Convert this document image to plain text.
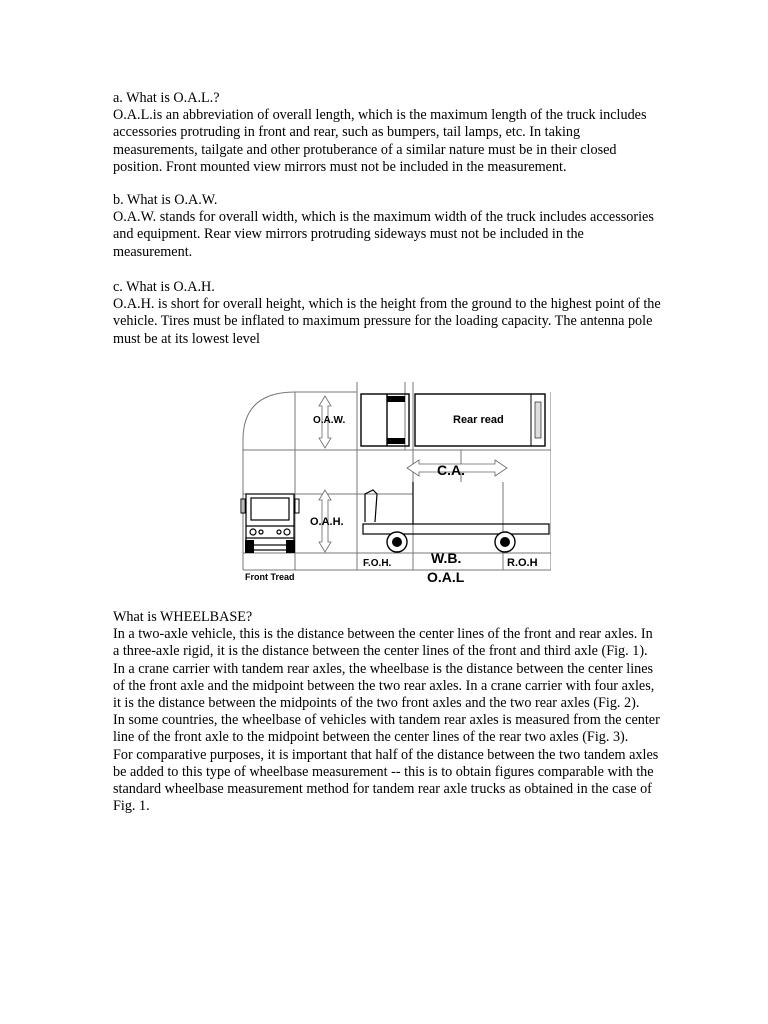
a. What is O.A.L.?

O.A.L.is an abbreviation of overall length, which is the maximum length of the truck includes accessories protruding in front and rear, such as bumpers, tail lamps, etc. In taking measurements, tailgate and other protuberance of a similar nature must be in their closed position. Front mounted view mirrors must not be included in the measurement.

b. What is O.A.W.

O.A.W. stands for overall width, which is the maximum width of the truck includes accessories and equipment. Rear view mirrors protruding sideways must not be included in the measurement.

c. What is O.A.H.

O.A.H. is short for overall height, which is the height from the ground to the highest point of the vehicle. Tires must be inflated to maximum pressure for the loading capacity. The antenna pole must be at its lowest level

O.A.W.	Rear read
C.A.
O.A.H.
F.O.H.	W.B.	R.O.H
O.A.L
Front Tread

What is WHEELBASE?

In a two-axle vehicle, this is the distance between the center lines of the front and rear axles. In a three-axle rigid, it is the distance between the center lines of the front and third axle (Fig. 1).

In a crane carrier with tandem rear axles, the wheelbase is the distance between the center lines of the front axle and the midpoint between the two rear axles. In a crane carrier with four axles, it is the distance between the midpoints of the two front axles and the two rear axles (Fig. 2).

In some countries, the wheelbase of vehicles with tandem rear axles is measured from the center line of the front axle to the midpoint between the center lines of the rear two axles (Fig. 3).

For comparative purposes, it is important that half of the distance between the two tandem axles be added to this type of wheelbase measurement -- this is to obtain figures comparable with the standard wheelbase measurement method for tandem rear axle trucks as obtained in the case of Fig. 1.
